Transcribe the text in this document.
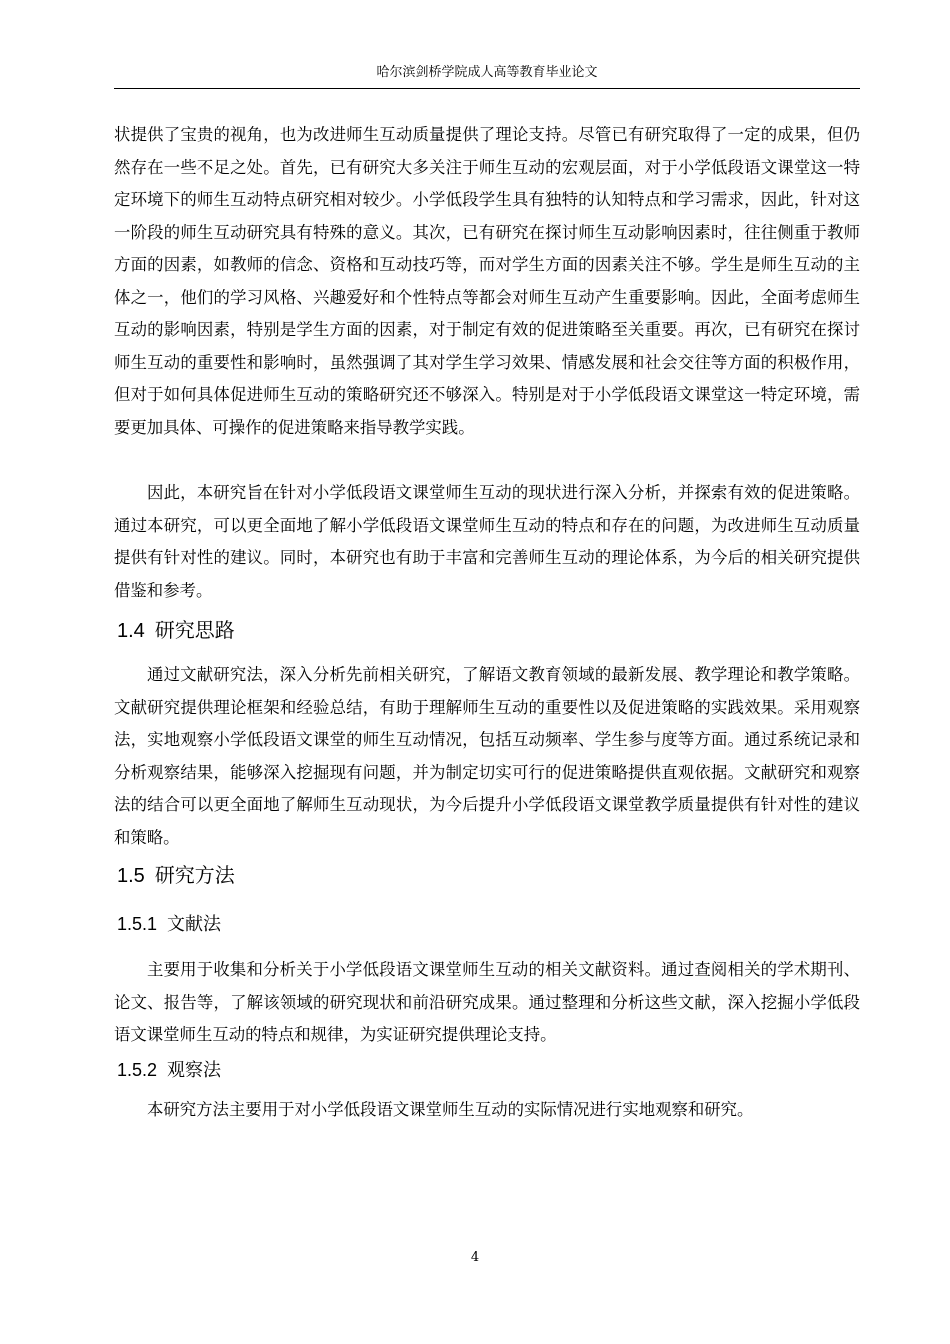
哈尔滨剑桥学院成人高等教育毕业论文

状提供了宝贵的视角，也为改进师生互动质量提供了理论支持。尽管已有研究取得了一定的成果，但仍然存在一些不足之处。首先，已有研究大多关注于师生互动的宏观层面，对于小学低段语文课堂这一特定环境下的师生互动特点研究相对较少。小学低段学生具有独特的认知特点和学习需求，因此，针对这一阶段的师生互动研究具有特殊的意义。其次，已有研究在探讨师生互动影响因素时，往往侧重于教师方面的因素，如教师的信念、资格和互动技巧等，而对学生方面的因素关注不够。学生是师生互动的主体之一，他们的学习风格、兴趣爱好和个性特点等都会对师生互动产生重要影响。因此，全面考虑师生互动的影响因素，特别是学生方面的因素，对于制定有效的促进策略至关重要。再次，已有研究在探讨师生互动的重要性和影响时，虽然强调了其对学生学习效果、情感发展和社会交往等方面的积极作用，但对于如何具体促进师生互动的策略研究还不够深入。特别是对于小学低段语文课堂这一特定环境，需要更加具体、可操作的促进策略来指导教学实践。

因此，本研究旨在针对小学低段语文课堂师生互动的现状进行深入分析，并探索有效的促进策略。通过本研究，可以更全面地了解小学低段语文课堂师生互动的特点和存在的问题，为改进师生互动质量提供有针对性的建议。同时，本研究也有助于丰富和完善师生互动的理论体系，为今后的相关研究提供借鉴和参考。

1.4 研究思路

通过文献研究法，深入分析先前相关研究，了解语文教育领域的最新发展、教学理论和教学策略。文献研究提供理论框架和经验总结，有助于理解师生互动的重要性以及促进策略的实践效果。采用观察法，实地观察小学低段语文课堂的师生互动情况，包括互动频率、学生参与度等方面。通过系统记录和分析观察结果，能够深入挖掘现有问题，并为制定切实可行的促进策略提供直观依据。文献研究和观察法的结合可以更全面地了解师生互动现状，为今后提升小学低段语文课堂教学质量提供有针对性的建议和策略。

1.5 研究方法
1.5.1 文献法

主要用于收集和分析关于小学低段语文课堂师生互动的相关文献资料。通过查阅相关的学术期刊、论文、报告等，了解该领域的研究现状和前沿研究成果。通过整理和分析这些文献，深入挖掘小学低段语文课堂师生互动的特点和规律，为实证研究提供理论支持。

1.5.2 观察法

本研究方法主要用于对小学低段语文课堂师生互动的实际情况进行实地观察和研究。

4
